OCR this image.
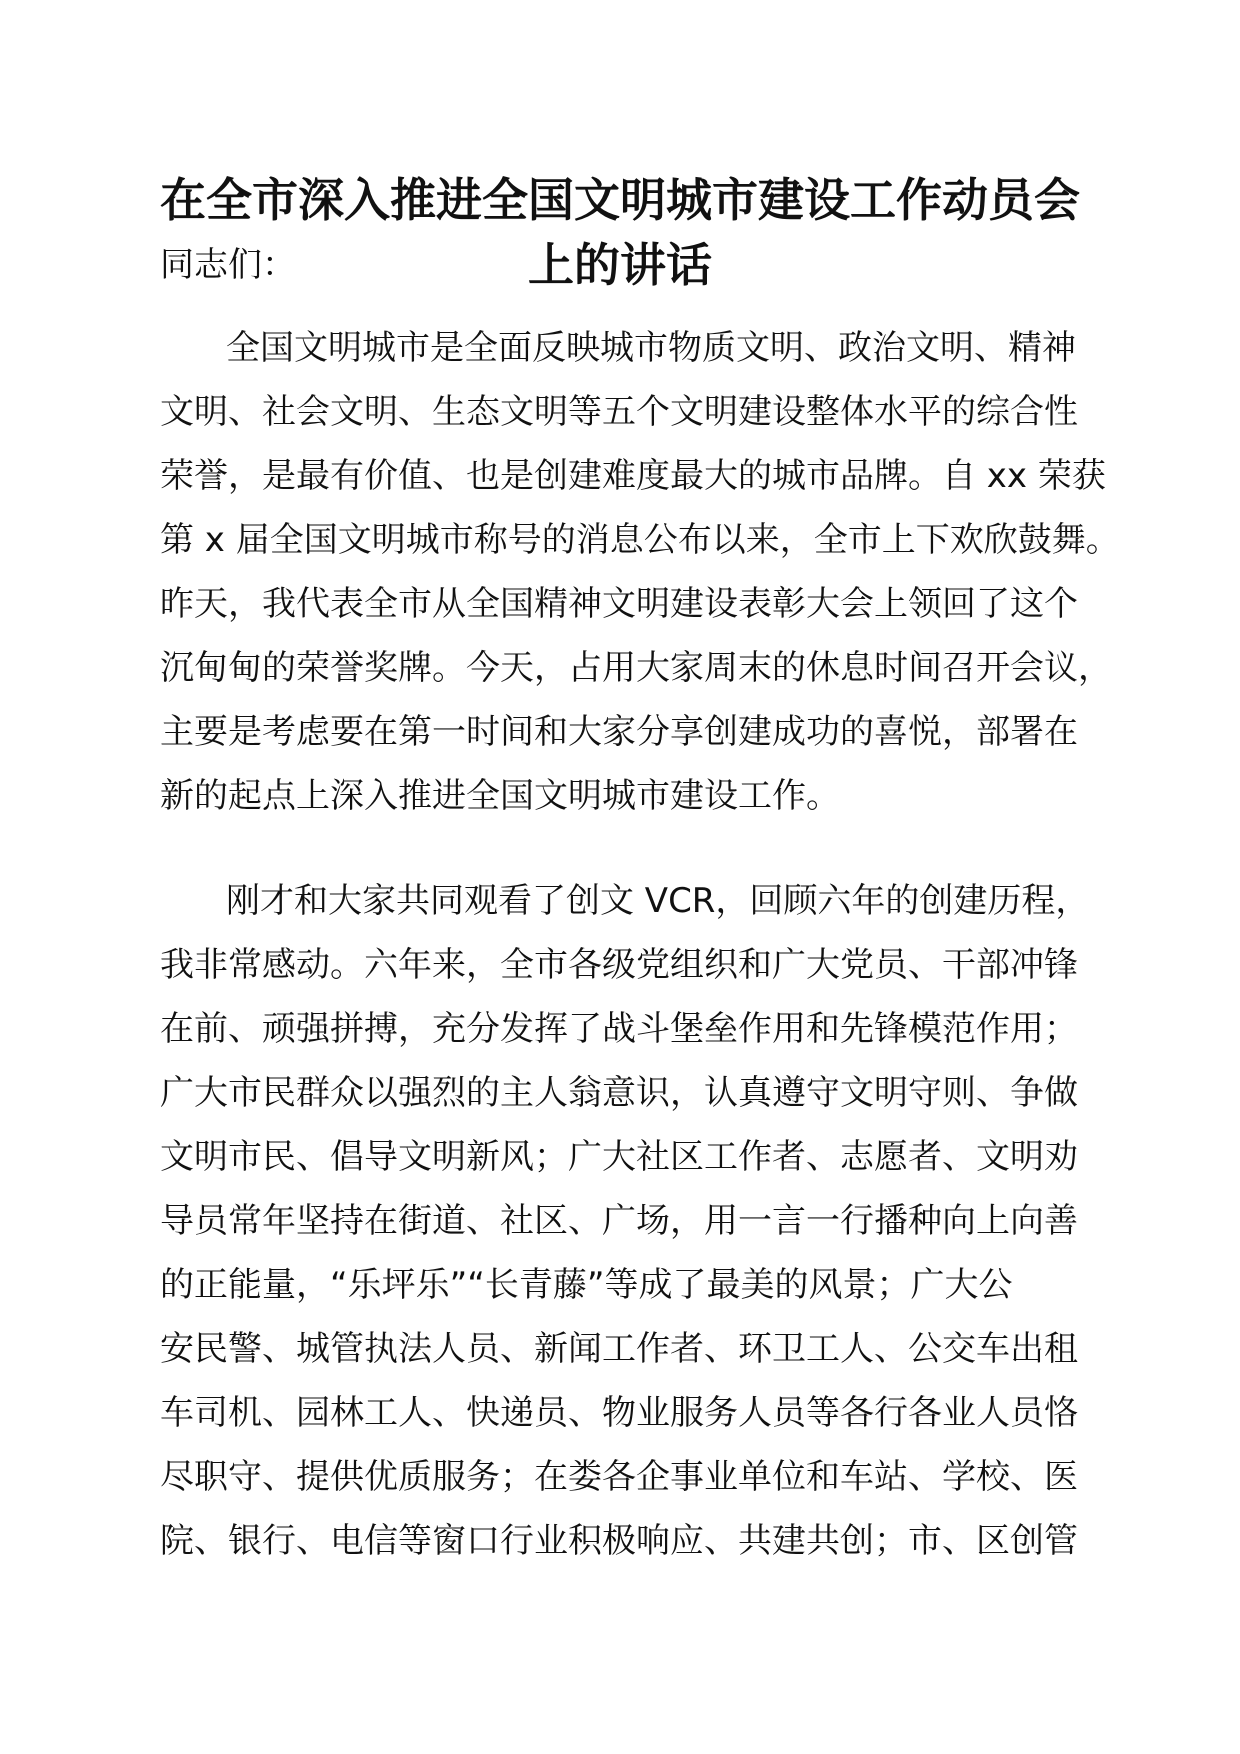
在全市深入推进全国文明城市建设工作动员会
上的讲话

同志们：

全国文明城市是全面反映城市物质文明、政治文明、精神

文明、社会文明、生态文明等五个文明建设整体水平的综合性

荣誉，是最有价值、也是创建难度最大的城市品牌。自 xx 荣获

第 x 届全国文明城市称号的消息公布以来，全市上下欢欣鼓舞。

昨天，我代表全市从全国精神文明建设表彰大会上领回了这个

沉甸甸的荣誉奖牌。今天，占用大家周末的休息时间召开会议，

主要是考虑要在第一时间和大家分享创建成功的喜悦，部署在

新的起点上深入推进全国文明城市建设工作。

刚才和大家共同观看了创文 VCR，回顾六年的创建历程，

我非常感动。六年来，全市各级党组织和广大党员、干部冲锋

在前、顽强拼搏，充分发挥了战斗堡垒作用和先锋模范作用；

广大市民群众以强烈的主人翁意识，认真遵守文明守则、争做

文明市民、倡导文明新风；广大社区工作者、志愿者、文明劝

导员常年坚持在街道、社区、广场，用一言一行播种向上向善

的正能量，“乐坪乐”“长青藤”等成了最美的风景；广大公

安民警、城管执法人员、新闻工作者、环卫工人、公交车出租

车司机、园林工人、快递员、物业服务人员等各行各业人员恪

尽职守、提供优质服务；在娄各企事业单位和车站、学校、医

院、银行、电信等窗口行业积极响应、共建共创；市、区创管
